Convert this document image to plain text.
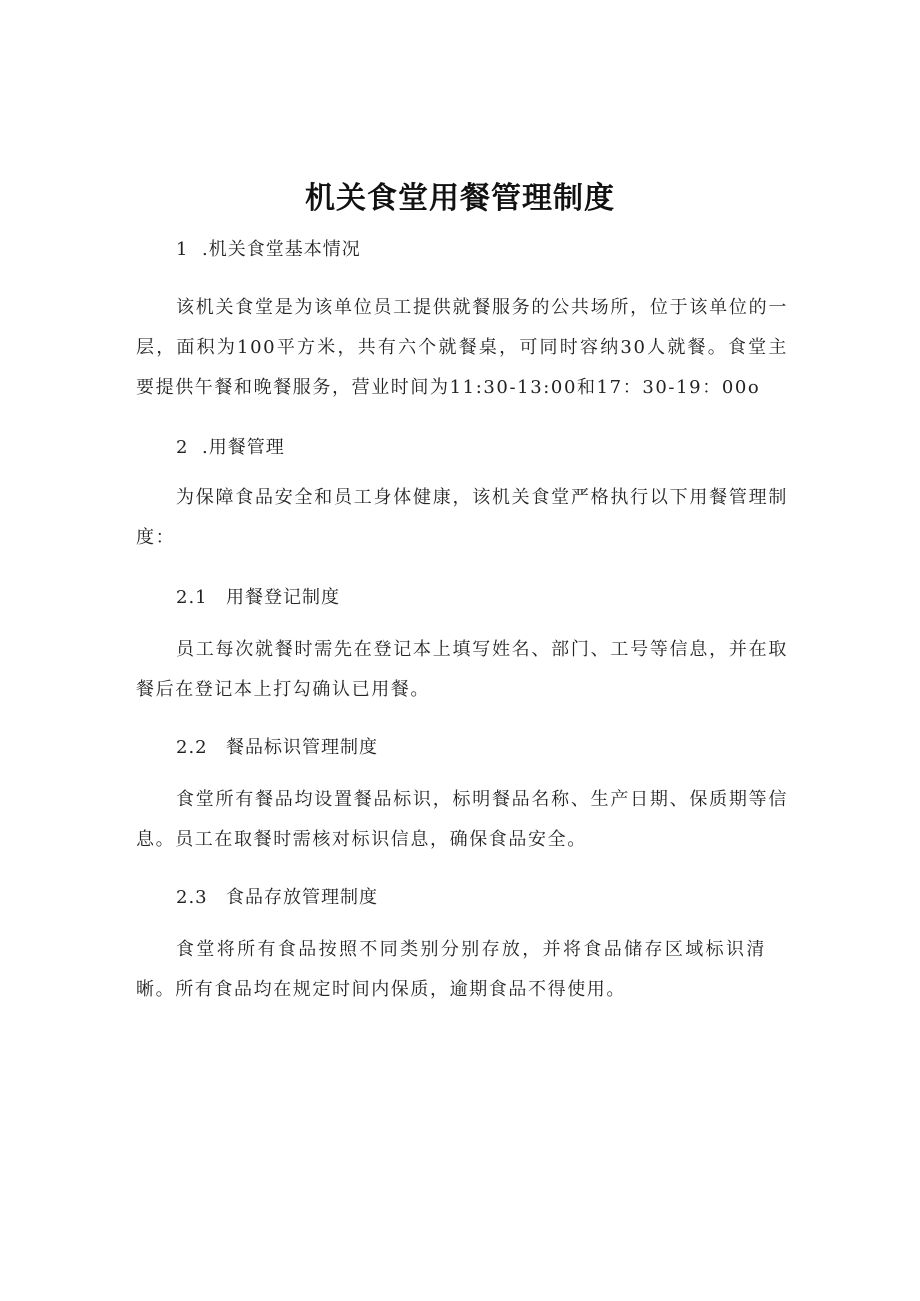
机关食堂用餐管理制度
1 .机关食堂基本情况
该机关食堂是为该单位员工提供就餐服务的公共场所，位于该单位的一层，面积为100平方米，共有六个就餐桌，可同时容纳30人就餐。食堂主要提供午餐和晚餐服务，营业时间为11:30-13:00和17：30-19：00o
2 .用餐管理
为保障食品安全和员工身体健康，该机关食堂严格执行以下用餐管理制度：
2.1 用餐登记制度
员工每次就餐时需先在登记本上填写姓名、部门、工号等信息，并在取餐后在登记本上打勾确认已用餐。
2.2 餐品标识管理制度
食堂所有餐品均设置餐品标识，标明餐品名称、生产日期、保质期等信息。员工在取餐时需核对标识信息，确保食品安全。
2.3 食品存放管理制度
食堂将所有食品按照不同类别分别存放，并将食品储存区域标识清晰。所有食品均在规定时间内保质，逾期食品不得使用。
